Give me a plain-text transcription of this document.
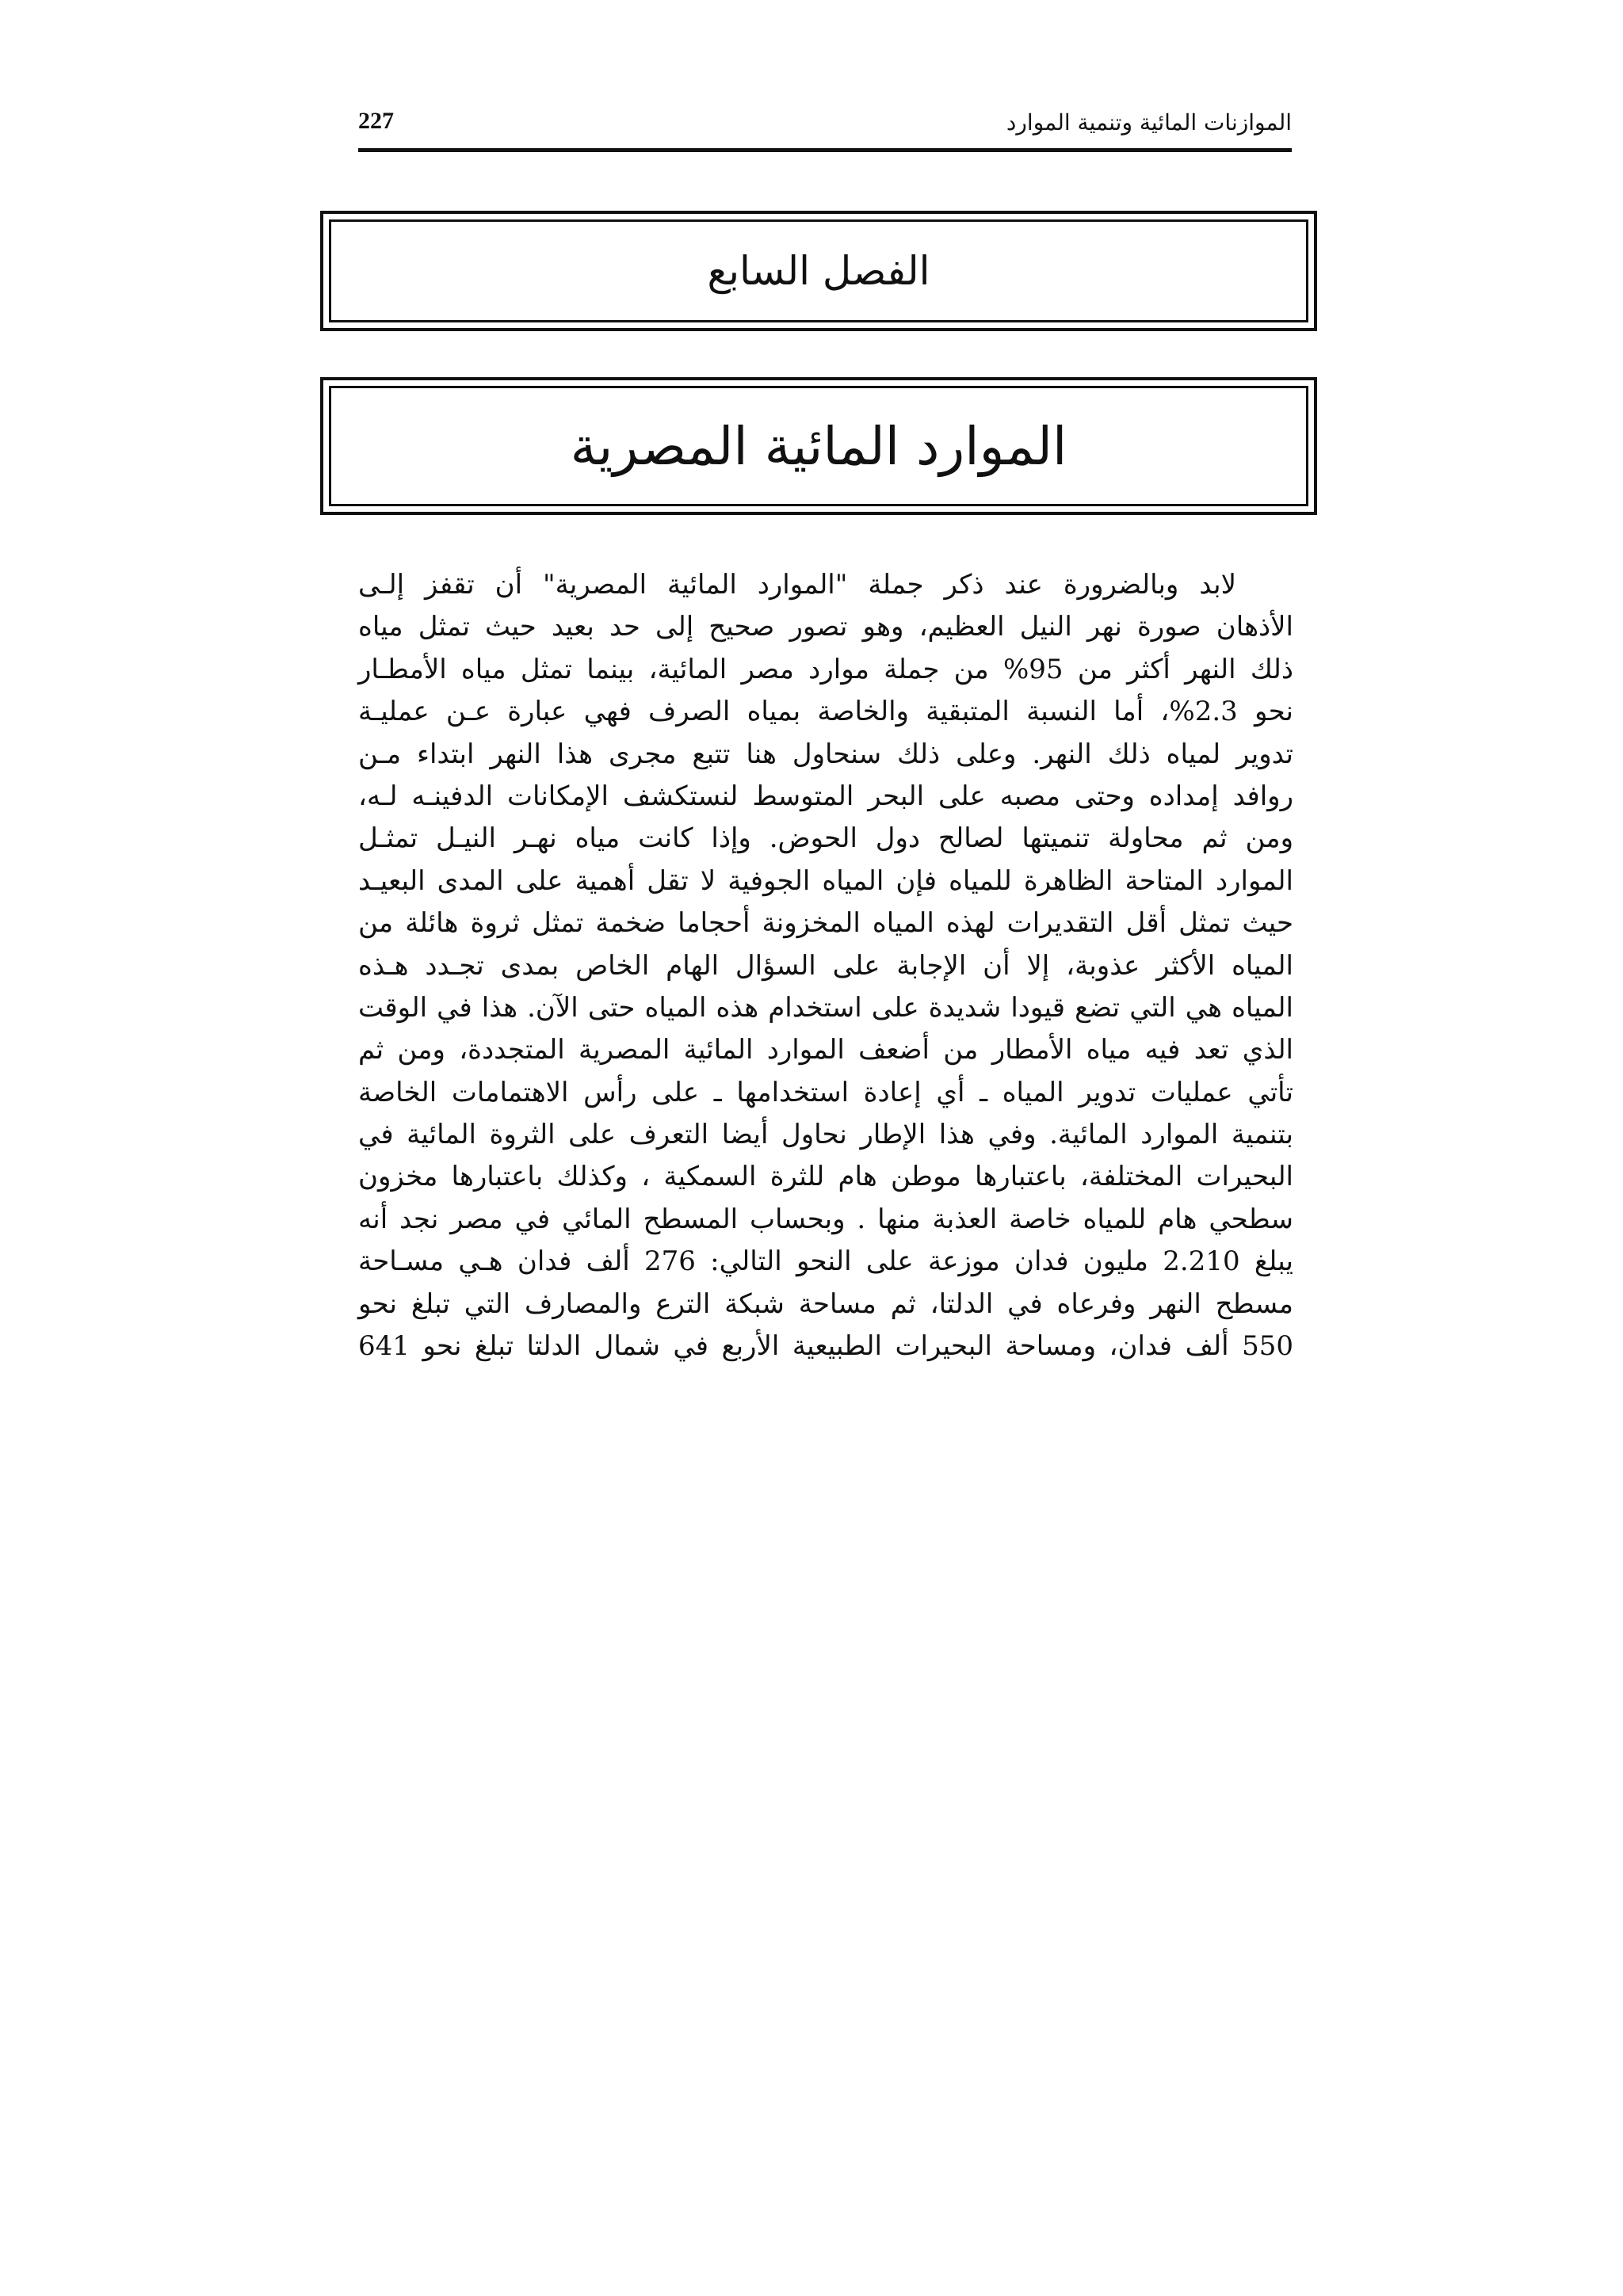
الموازنات المائية وتنمية الموارد
227
الفصل السابع
الموارد المائية المصرية
لابد وبالضرورة عند ذكر جملة "الموارد المائية المصرية" أن تقفز إلـى
الأذهان صورة نهر النيل العظيم، وهو تصور صحيح إلى حد بعيد حيث تمثل مياه
ذلك النهر أكثر من 95% من جملة موارد مصر المائية، بينما تمثل مياه الأمطـار
نحو 2.3%، أما النسبة المتبقية والخاصة بمياه الصرف فهي عبارة عـن عمليـة
تدوير لمياه ذلك النهر. وعلى ذلك سنحاول هنا تتبع مجرى هذا النهر ابتداء مـن
روافد إمداده وحتى مصبه على البحر المتوسط لنستكشف الإمكانات الدفينـه لـه،
ومن ثم محاولة تنميتها لصالح دول الحوض. وإذا كانت مياه نهـر النيـل تمثـل
الموارد المتاحة الظاهرة للمياه فإن المياه الجوفية لا تقل أهمية على المدى البعيـد
حيث تمثل أقل التقديرات لهذه المياه المخزونة أحجاما ضخمة تمثل ثروة هائلة من
المياه الأكثر عذوبة، إلا أن الإجابة على السؤال الهام الخاص بمدى تجـدد هـذه
المياه هي التي تضع قيودا شديدة على استخدام هذه المياه حتى الآن. هذا في الوقت
الذي تعد فيه مياه الأمطار من أضعف الموارد المائية المصرية المتجددة، ومن ثم
تأتي عمليات تدوير المياه ـ أي إعادة استخدامها ـ على رأس الاهتمامات الخاصة
بتنمية الموارد المائية. وفي هذا الإطار نحاول أيضا التعرف على الثروة المائية في
البحيرات المختلفة، باعتبارها موطن هام للثرة السمكية ، وكذلك باعتبارها مخزون
سطحي هام للمياه خاصة العذبة منها . وبحساب المسطح المائي في مصر نجد أنه
يبلغ 2.210 مليون فدان موزعة على النحو التالي: 276 ألف فدان هـي مسـاحة
مسطح النهر وفرعاه في الدلتا، ثم مساحة شبكة الترع والمصارف التي تبلغ نحو
550 ألف فدان، ومساحة البحيرات الطبيعية الأربع في شمال الدلتا تبلغ نحو 641
